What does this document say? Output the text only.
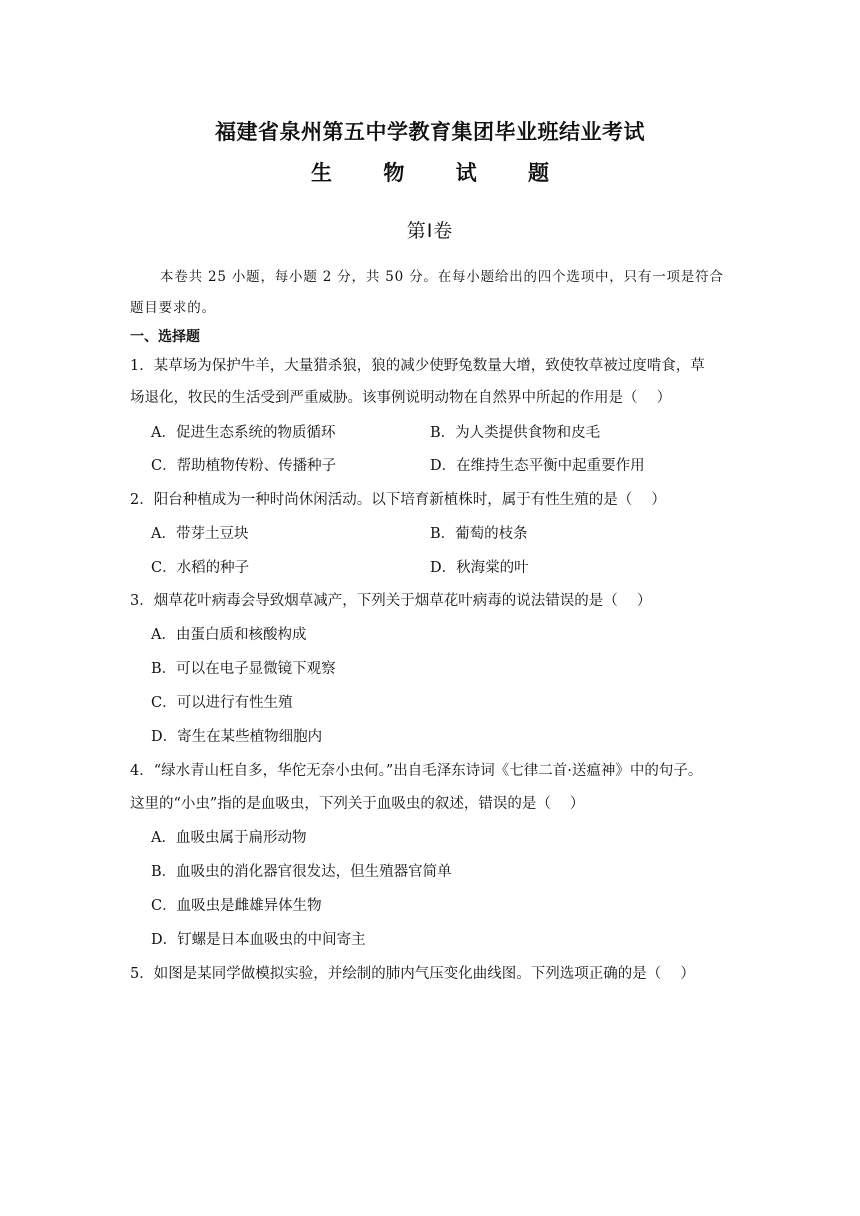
福建省泉州第五中学教育集团毕业班结业考试
生 物 试 题
第Ⅰ卷
本卷共 25 小题，每小题 2 分，共 50 分。在每小题给出的四个选项中，只有一项是符合
题目要求的。
一、选择题
1．某草场为保护牛羊，大量猎杀狼，狼的减少使野兔数量大增，致使牧草被过度啃食，草
场退化，牧民的生活受到严重威胁。该事例说明动物在自然界中所起的作用是（　 ）
A．促进生态系统的物质循环	B．为人类提供食物和皮毛
C．帮助植物传粉、传播种子	D．在维持生态平衡中起重要作用
2．阳台种植成为一种时尚休闲活动。以下培育新植株时，属于有性生殖的是（　 ）
A．带芽土豆块	B．葡萄的枝条
C．水稻的种子	D．秋海棠的叶
3．烟草花叶病毒会导致烟草减产，下列关于烟草花叶病毒的说法错误的是（　 ）
A．由蛋白质和核酸构成
B．可以在电子显微镜下观察
C．可以进行有性生殖
D．寄生在某些植物细胞内
4．“绿水青山枉自多，华佗无奈小虫何。”出自毛泽东诗词《七律二首·送瘟神》中的句子。
这里的“小虫”指的是血吸虫，下列关于血吸虫的叙述，错误的是（　 ）
A．血吸虫属于扁形动物
B．血吸虫的消化器官很发达，但生殖器官简单
C．血吸虫是雌雄异体生物
D．钉螺是日本血吸虫的中间寄主
5．如图是某同学做模拟实验，并绘制的肺内气压变化曲线图。下列选项正确的是（　 ）
